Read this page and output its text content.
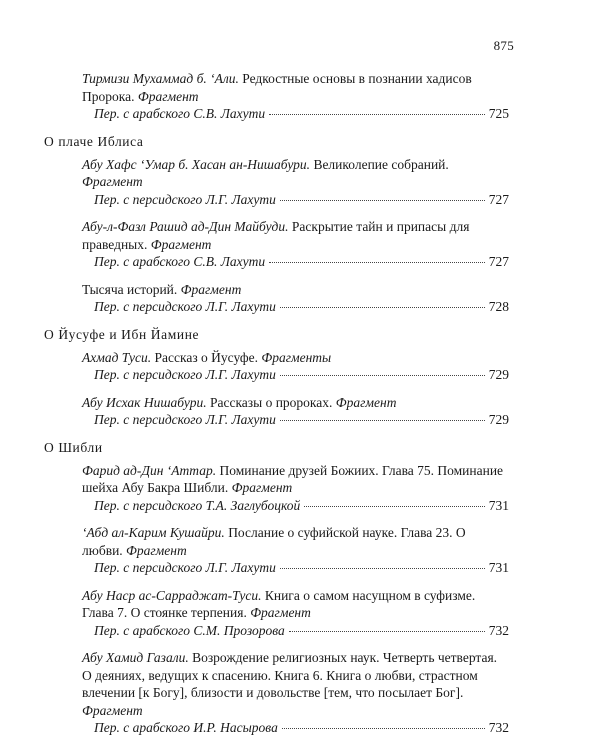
875
Тирмизи Мухаммад б. ʻАли. Редкостные основы в познании хадисов Пророка. Фрагмент
Пер. с арабского С.В. Лахути	725
О плаче Иблиса
Абу Хафс ʻУмар б. Хасан ан-Нишабури. Великолепие собраний. Фрагмент
Пер. с персидского Л.Г. Лахути	727
Абу-л-Фазл Рашид ад-Дин Майбуди. Раскрытие тайн и припасы для праведных. Фрагмент
Пер. с арабского С.В. Лахути	727
Тысяча историй. Фрагмент
Пер. с персидского Л.Г. Лахути	728
О Йусуфе и Ибн Йамине
Ахмад Туси. Рассказ о Йусуфе. Фрагменты
Пер. с персидского Л.Г. Лахути	729
Абу Исхак Нишабури. Рассказы о пророках. Фрагмент
Пер. с персидского Л.Г. Лахути	729
О Шибли
Фарид ад-Дин ʻАттар. Поминание друзей Божиих. Глава 75. Поминание шейха Абу Бакра Шибли. Фрагмент
Пер. с персидского Т.А. Заглубоцкой	731
ʻАбд ал-Карим Кушайри. Послание о суфийской науке. Глава 23. О любви. Фрагмент
Пер. с персидского Л.Г. Лахути	731
Абу Наср ас-Сарраджат-Туси. Книга о самом насущном в суфизме. Глава 7. О стоянке терпения. Фрагмент
Пер. с арабского С.М. Прозорова	732
Абу Хамид Газали. Возрождение религиозных наук. Четверть четвертая. О деяниях, ведущих к спасению. Книга 6. Книга о любви, страстном влечении [к Богу], близости и довольстве [тем, что посылает Бог]. Фрагмент
Пер. с арабского И.Р. Насырова	732
